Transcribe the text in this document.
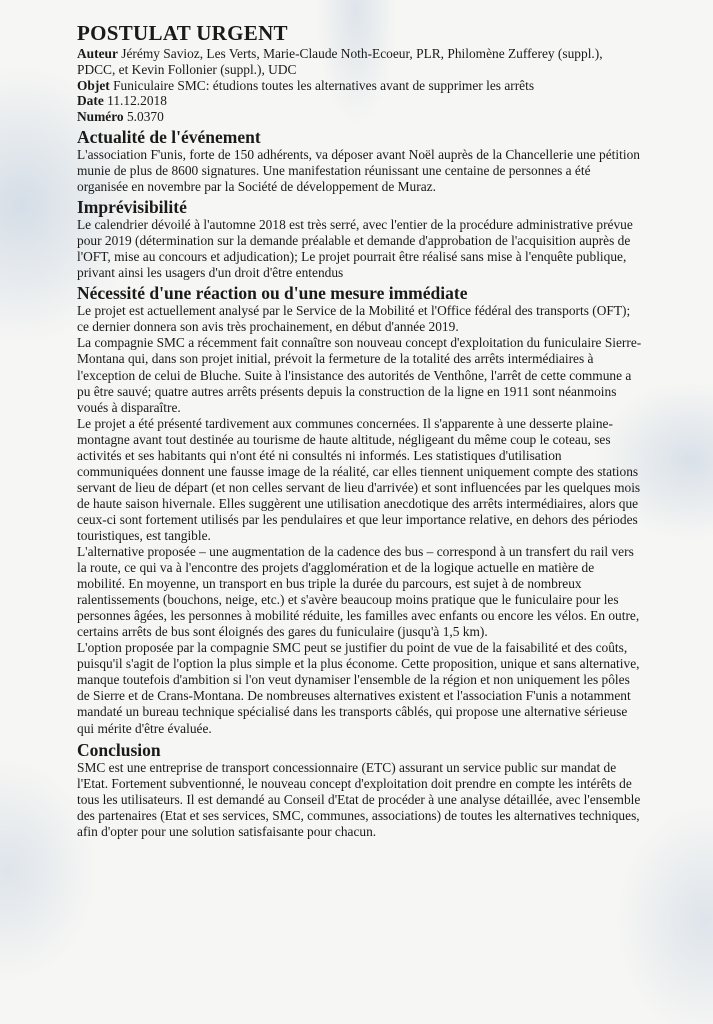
POSTULAT URGENT
Auteur Jérémy Savioz, Les Verts, Marie-Claude Noth-Ecoeur, PLR, Philomène Zufferey (suppl.), PDCC, et Kevin Follonier (suppl.), UDC
Objet Funiculaire SMC: étudions toutes les alternatives avant de supprimer les arrêts
Date 11.12.2018
Numéro 5.0370
Actualité de l'événement

L'association F'unis, forte de 150 adhérents, va déposer avant Noël auprès de la Chancellerie une pétition munie de plus de 8600 signatures. Une manifestation réunissant une centaine de personnes a été organisée en novembre par la Société de développement de Muraz.

Imprévisibilité

Le calendrier dévoilé à l'automne 2018 est très serré, avec l'entier de la procédure administrative prévue pour 2019 (détermination sur la demande préalable et demande d'approbation de l'acquisition auprès de l'OFT, mise au concours et adjudication); Le projet pourrait être réalisé sans mise à l'enquête publique, privant ainsi les usagers d'un droit d'être entendus

Nécessité d'une réaction ou d'une mesure immédiate

Le projet est actuellement analysé par le Service de la Mobilité et l'Office fédéral des transports (OFT); ce dernier donnera son avis très prochainement, en début d'année 2019.

La compagnie SMC a récemment fait connaître son nouveau concept d'exploitation du funiculaire Sierre-Montana qui, dans son projet initial, prévoit la fermeture de la totalité des arrêts intermédiaires à l'exception de celui de Bluche. Suite à l'insistance des autorités de Venthône, l'arrêt de cette commune a pu être sauvé; quatre autres arrêts présents depuis la construction de la ligne en 1911 sont néanmoins voués à disparaître.

Le projet a été présenté tardivement aux communes concernées. Il s'apparente à une desserte plaine-montagne avant tout destinée au tourisme de haute altitude, négligeant du même coup le coteau, ses activités et ses habitants qui n'ont été ni consultés ni informés. Les statistiques d'utilisation communiquées donnent une fausse image de la réalité, car elles tiennent uniquement compte des stations servant de lieu de départ (et non celles servant de lieu d'arrivée) et sont influencées par les quelques mois de haute saison hivernale. Elles suggèrent une utilisation anecdotique des arrêts intermédiaires, alors que ceux-ci sont fortement utilisés par les pendulaires et que leur importance relative, en dehors des périodes touristiques, est tangible.

L'alternative proposée – une augmentation de la cadence des bus – correspond à un transfert du rail vers la route, ce qui va à l'encontre des projets d'agglomération et de la logique actuelle en matière de mobilité. En moyenne, un transport en bus triple la durée du parcours, est sujet à de nombreux ralentissements (bouchons, neige, etc.) et s'avère beaucoup moins pratique que le funiculaire pour les personnes âgées, les personnes à mobilité réduite, les familles avec enfants ou encore les vélos. En outre, certains arrêts de bus sont éloignés des gares du funiculaire (jusqu'à 1,5 km).

L'option proposée par la compagnie SMC peut se justifier du point de vue de la faisabilité et des coûts, puisqu'il s'agit de l'option la plus simple et la plus économe. Cette proposition, unique et sans alternative, manque toutefois d'ambition si l'on veut dynamiser l'ensemble de la région et non uniquement les pôles de Sierre et de Crans-Montana. De nombreuses alternatives existent et l'association F'unis a notamment mandaté un bureau technique spécialisé dans les transports câblés, qui propose une alternative sérieuse qui mérite d'être évaluée.

Conclusion

SMC est une entreprise de transport concessionnaire (ETC) assurant un service public sur mandat de l'Etat. Fortement subventionné, le nouveau concept d'exploitation doit prendre en compte les intérêts de tous les utilisateurs. Il est demandé au Conseil d'Etat de procéder à une analyse détaillée, avec l'ensemble des partenaires (Etat et ses services, SMC, communes, associations) de toutes les alternatives techniques, afin d'opter pour une solution satisfaisante pour chacun.
